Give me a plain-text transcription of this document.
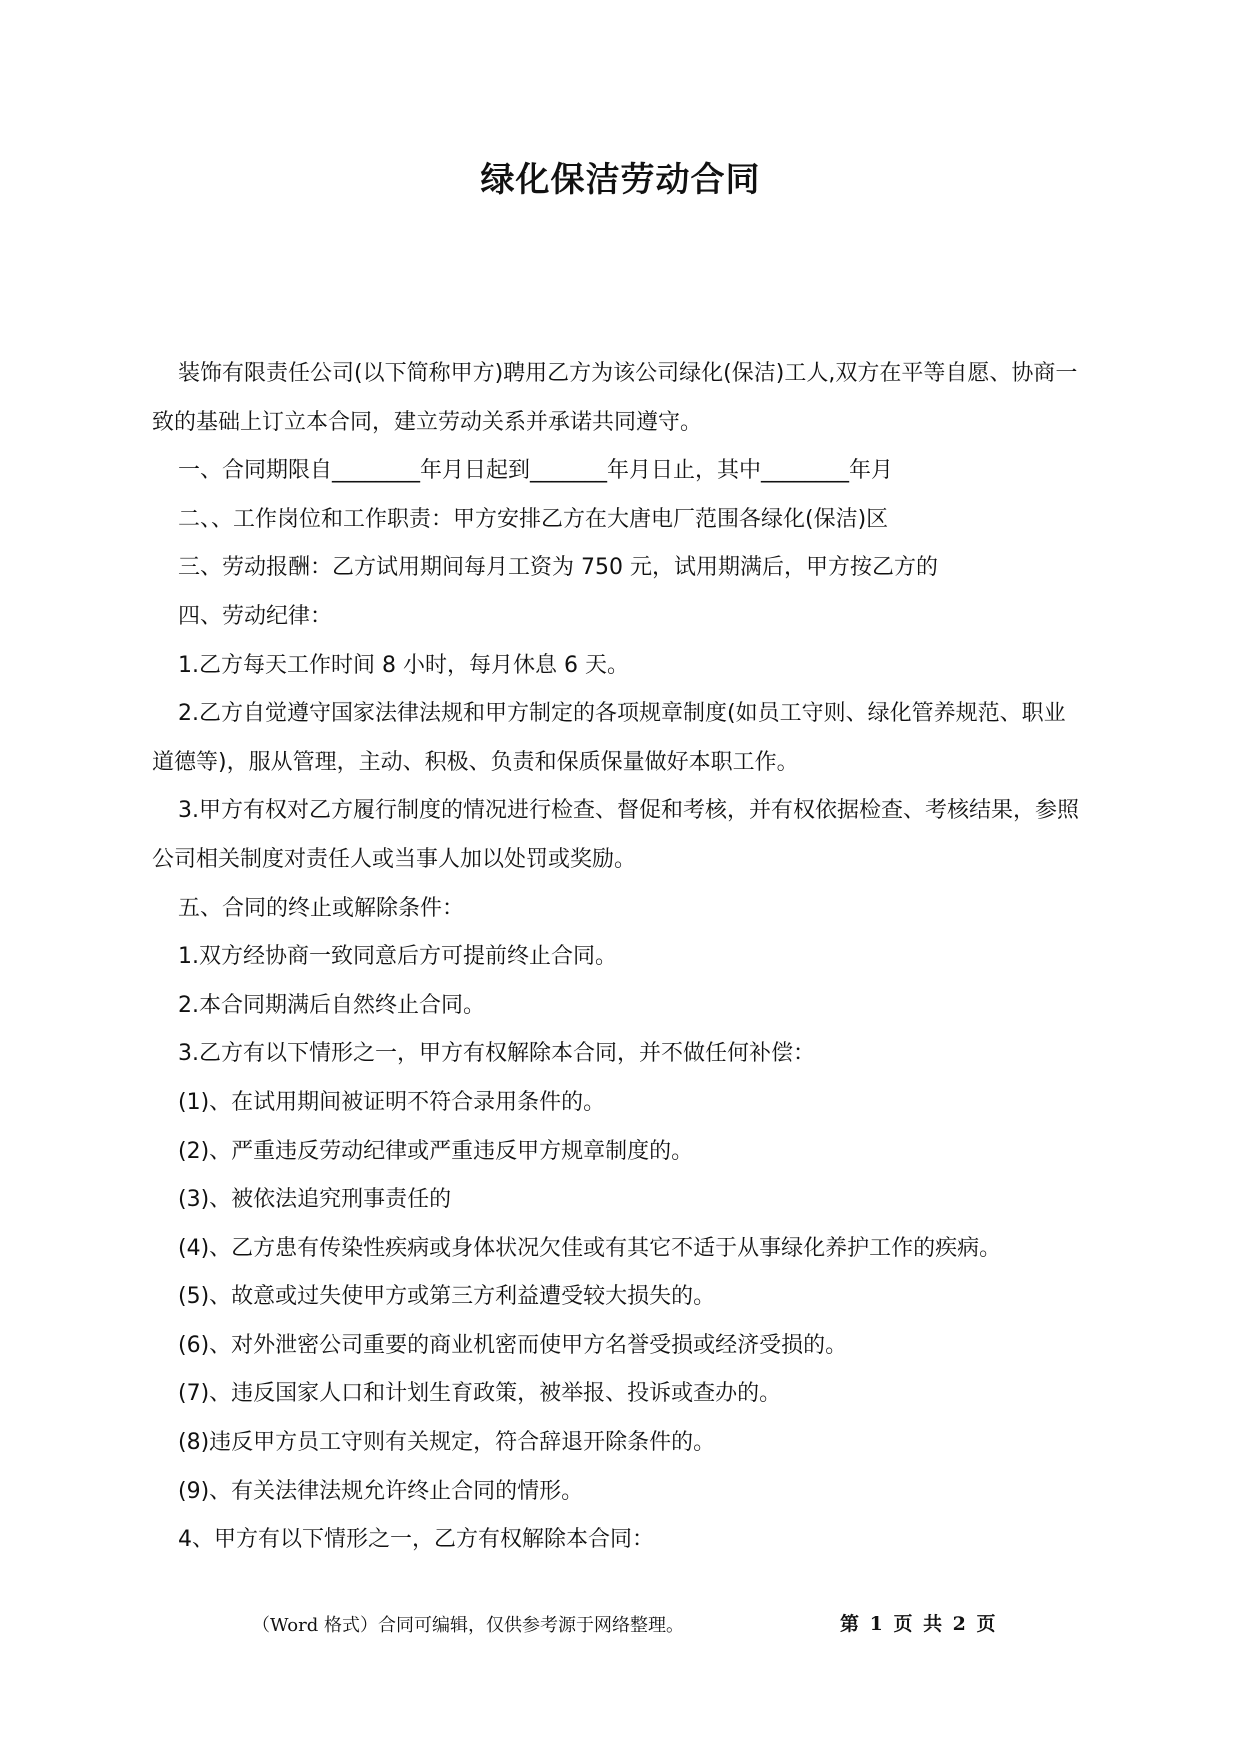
绿化保洁劳动合同

装饰有限责任公司(以下简称甲方)聘用乙方为该公司绿化(保洁)工人,双方在平等自愿、协商一致的基础上订立本合同，建立劳动关系并承诺共同遵守。

一、合同期限自________年月日起到_______年月日止，其中________年月

二、、工作岗位和工作职责：甲方安排乙方在大唐电厂范围各绿化(保洁)区

三、劳动报酬：乙方试用期间每月工资为 750 元，试用期满后，甲方按乙方的

四、劳动纪律：

1.乙方每天工作时间 8 小时，每月休息 6 天。

2.乙方自觉遵守国家法律法规和甲方制定的各项规章制度(如员工守则、绿化管养规范、职业道德等)，服从管理，主动、积极、负责和保质保量做好本职工作。

3.甲方有权对乙方履行制度的情况进行检查、督促和考核，并有权依据检查、考核结果，参照公司相关制度对责任人或当事人加以处罚或奖励。

五、合同的终止或解除条件：

1.双方经协商一致同意后方可提前终止合同。

2.本合同期满后自然终止合同。

3.乙方有以下情形之一，甲方有权解除本合同，并不做任何补偿：

(1)、在试用期间被证明不符合录用条件的。

(2)、严重违反劳动纪律或严重违反甲方规章制度的。

(3)、被依法追究刑事责任的

(4)、乙方患有传染性疾病或身体状况欠佳或有其它不适于从事绿化养护工作的疾病。

(5)、故意或过失使甲方或第三方利益遭受较大损失的。

(6)、对外泄密公司重要的商业机密而使甲方名誉受损或经济受损的。

(7)、违反国家人口和计划生育政策，被举报、投诉或查办的。

(8)违反甲方员工守则有关规定，符合辞退开除条件的。

(9)、有关法律法规允许终止合同的情形。

4、甲方有以下情形之一，乙方有权解除本合同：

（Word 格式）合同可编辑，仅供参考源于网络整理。	第 1 页 共 2 页
